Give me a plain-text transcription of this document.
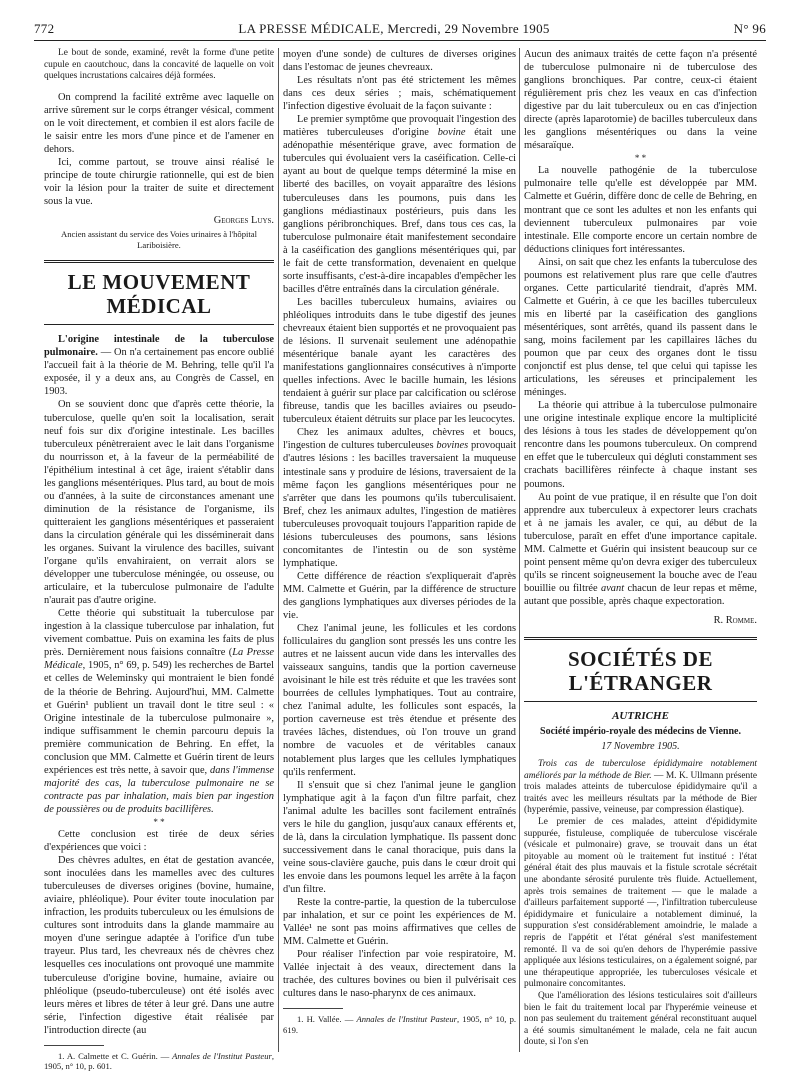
772	LA PRESSE MÉDICALE, Mercredi, 29 Novembre 1905	N° 96

Le bout de sonde, examiné, revêt la forme d'une petite cupule en caoutchouc, dans la concavité de laquelle on voit quelques incrustations calcaires déjà formées.

On comprend la facilité extrême avec laquelle on arrive sûrement sur le corps étranger vésical, comment on le voit directement, et combien il est alors facile de le saisir entre les mors d'une pince et de l'amener en dehors.

Ici, comme partout, se trouve ainsi réalisé le principe de toute chirurgie rationnelle, qui est de bien voir la lésion pour la traiter de suite et directement sous la vue.

Georges Luys.
Ancien assistant du service des Voies urinaires à l'hôpital Lariboisière.
LE MOUVEMENT MÉDICAL

L'origine intestinale de la tuberculose pulmonaire. — On n'a certainement pas encore oublié l'accueil fait à la théorie de M. Behring, telle qu'il l'a exposée, il y a deux ans, au Congrès de Cassel, en 1903.

On se souvient donc que d'après cette théorie, la tuberculose, quelle qu'en soit la localisation, serait neuf fois sur dix d'origine intestinale. Les bacilles tuberculeux pénètreraient avec le lait dans l'organisme du nourrisson et, à la faveur de la perméabilité de l'épithélium intestinal à cet âge, iraient s'établir dans les ganglions mésentériques. Plus tard, au bout de mois ou d'années, à la suite de circonstances amenant une diminution de la résistance de l'organisme, ils quitteraient les ganglions mésentériques et passeraient dans la circulation générale qui les disséminerait dans les organes. Suivant la virulence des bacilles, suivant l'organe qu'ils envahiraient, on verrait alors se développer une tuberculose méningée, ou osseuse, ou articulaire, et la tuberculose pulmonaire de l'adulte n'aurait pas d'autre origine.

Cette théorie qui substituait la tuberculose par ingestion à la classique tuberculose par inhalation, fut vivement combattue. Puis on examina les faits de plus près. Dernièrement nous faisions connaître (La Presse Médicale, 1905, n° 69, p. 549) les recherches de Bartel et celles de Weleminsky qui montraient le bien fondé de la théorie de Behring. Aujourd'hui, MM. Calmette et Guérin¹ publient un travail dont le titre seul : « Origine intestinale de la tuberculose pulmonaire », indique suffisamment le chemin parcouru depuis la première communication de Behring. En effet, la conclusion que MM. Calmette et Guérin tirent de leurs expériences est très nette, à savoir que, dans l'immense majorité des cas, la tuberculose pulmonaire ne se contracte pas par inhalation, mais bien par ingestion de poussières ou de produits bacillifères.

* *

Cette conclusion est tirée de deux séries d'expériences que voici :

Des chèvres adultes, en état de gestation avancée, sont inoculées dans les mamelles avec des cultures tuberculeuses de diverses origines (bovine, humaine, aviaire, phléolique). Pour éviter toute inoculation par infraction, les produits tuberculeux ou les émulsions de cultures sont introduits dans la glande mammaire au moyen d'une seringue adaptée à l'orifice d'un tube trayeur. Plus tard, les chevreaux nés de chèvres chez lesquelles ces inoculations ont provoqué une mammite tuberculeuse d'origine bovine, humaine, aviaire ou phléolique (pseudo-tuberculeuse) ont été isolés avec leurs mères et libres de téter à leur gré. Dans une autre série, l'infection digestive était réalisée par l'introduction directe (au

1. A. Calmette et C. Guérin. — Annales de l'Institut Pasteur, 1905, n° 10, p. 601.

moyen d'une sonde) de cultures de diverses origines dans l'estomac de jeunes chevreaux.

Les résultats n'ont pas été strictement les mêmes dans ces deux séries ; mais, schématiquement l'infection digestive évoluait de la façon suivante :

Le premier symptôme que provoquait l'ingestion des matières tuberculeuses d'origine bovine était une adénopathie mésentérique grave, avec formation de tubercules qui évoluaient vers la caséification. Celle-ci ayant au bout de quelque temps déterminé la mise en liberté des bacilles, on voyait apparaître des lésions tuberculeuses dans les poumons, puis dans les ganglions médiastinaux postérieurs, puis dans les ganglions péribronchiques. Bref, dans tous ces cas, la tuberculose pulmonaire était manifestement secondaire à la caséification des ganglions mésentériques qui, par le fait de cette transformation, devenaient en quelque sorte insuffisants, c'est-à-dire incapables d'empêcher les bacilles d'être entraînés dans la circulation générale.

Les bacilles tuberculeux humains, aviaires ou phléoliques introduits dans le tube digestif des jeunes chevreaux étaient bien supportés et ne provoquaient pas de lésions. Il survenait seulement une adénopathie mésentérique banale ayant les caractères des manifestations ganglionnaires consécutives à n'importe quelles infections. Avec le bacille humain, les lésions tendaient à guérir sur place par calcification ou sclérose fibreuse, tandis que les bacilles aviaires ou pseudo-tuberculeux étaient détruits sur place par les leucocytes.

Chez les animaux adultes, chèvres et boucs, l'ingestion de cultures tuberculeuses bovines provoquait d'autres lésions : les bacilles traversaient la muqueuse intestinale sans y produire de lésions, traversaient de la même façon les ganglions mésentériques pour ne s'arrêter que dans les poumons qu'ils tuberculisaient. Bref, chez les animaux adultes, l'ingestion de matières tuberculeuses provoquait toujours l'apparition rapide de lésions tuberculeuses des poumons, sans lésions concomitantes de l'intestin ou de son système lymphatique.

Cette différence de réaction s'expliquerait d'après MM. Calmette et Guérin, par la différence de structure des ganglions lymphatiques aux diverses périodes de la vie.

Chez l'animal jeune, les follicules et les cordons folliculaires du ganglion sont pressés les uns contre les autres et ne laissent aucun vide dans les intervalles des vaisseaux sanguins, tandis que la portion caverneuse avoisinant le hile est très réduite et que les travées sont bourrées de cellules lymphatiques. Tout au contraire, chez l'animal adulte, les follicules sont espacés, la portion caverneuse est très étendue et présente des travées lâches, distendues, où l'on trouve un grand nombre de vacuoles et de véritables canaux notablement plus larges que les cellules lymphatiques qu'ils renferment.

Il s'ensuit que si chez l'animal jeune le ganglion lymphatique agit à la façon d'un filtre parfait, chez l'animal adulte les bacilles sont facilement entraînés vers le hile du ganglion, jusqu'aux canaux efférents et, de là, dans la circulation lymphatique. Ils passent donc successivement dans le canal thoracique, puis dans la veine sous-clavière gauche, puis dans le cœur droit qui les envoie dans les poumons lequel les arrête à la façon d'un filtre.

Reste la contre-partie, la question de la tuberculose par inhalation, et sur ce point les expériences de M. Vallée¹ ne sont pas moins affirmatives que celles de MM. Calmette et Guérin.

Pour réaliser l'infection par voie respiratoire, M. Vallée injectait à des veaux, directement dans la trachée, des cultures bovines ou bien il pulvérisait ces cultures dans le naso-pharynx de ces animaux.

1. H. Vallée. — Annales de l'Institut Pasteur, 1905, n° 10, p. 619.

Aucun des animaux traités de cette façon n'a présenté de tuberculose pulmonaire ni de tuberculose des ganglions bronchiques. Par contre, ceux-ci étaient régulièrement pris chez les veaux en cas d'infection digestive par du lait tuberculeux ou en cas d'injection directe (après laparotomie) de bacilles tuberculeux dans les ganglions mésentériques ou dans la veine mésaraïque.

* *

La nouvelle pathogénie de la tuberculose pulmonaire telle qu'elle est développée par MM. Calmette et Guérin, diffère donc de celle de Behring, en montrant que ce sont les adultes et non les enfants qui deviennent tuberculeux pulmonaires par voie intestinale. Elle comporte encore un certain nombre de déductions cliniques fort intéressantes.

Ainsi, on sait que chez les enfants la tuberculose des poumons est relativement plus rare que celle d'autres organes. Cette particularité tiendrait, d'après MM. Calmette et Guérin, à ce que les bacilles tuberculeux mis en liberté par la caséification des ganglions mésentériques, sont arrêtés, quand ils passent dans le sang, moins facilement par les capillaires lâches du poumon que par ceux des organes dont le tissu conjonctif est plus dense, tel que celui qui tapisse les articulations, les séreuses et principalement les méninges.

La théorie qui attribue à la tuberculose pulmonaire une origine intestinale explique encore la multiplicité des lésions à tous les stades de développement qu'on rencontre dans les poumons tuberculeux. On comprend en effet que le tuberculeux qui dégluti constamment ses crachats bacillifères réinfecte à chaque instant ses poumons.

Au point de vue pratique, il en résulte que l'on doit apprendre aux tuberculeux à expectorer leurs crachats et à ne jamais les avaler, ce qui, au début de la tuberculose, paraît en effet d'une importance capitale. MM. Calmette et Guérin qui insistent beaucoup sur ce point pensent même qu'on devra exiger des tuberculeux qu'ils se rincent soigneusement la bouche avec de l'eau bouillie ou filtrée avant chacun de leur repas et même, autant que possible, après chaque expectoration.

R. Romme.
SOCIÉTÉS DE L'ÉTRANGER
AUTRICHE
Société império-royale des médecins de Vienne.
17 Novembre 1905.

Trois cas de tuberculose épididymaire notablement améliorés par la méthode de Bier. — M. K. Ullmann présente trois malades atteints de tuberculose épididymaire qu'il a traités avec les meilleurs résultats par la méthode de Bier (hyperémie, passive, veineuse, par compression élastique).

Le premier de ces malades, atteint d'épididymite suppurée, fistuleuse, compliquée de tuberculose viscérale (vésicale et pulmonaire) grave, se trouvait dans un état pitoyable au moment où le traitement fut institué : l'état général était des plus mauvais et la fistule scrotale sécrétait une abondante sérosité purulente très fluide. Actuellement, après trois semaines de traitement — que le malade a d'ailleurs parfaitement supporté —, l'infiltration tuberculeuse épididymaire et funiculaire a notablement diminué, la suppuration s'est considérablement amoindrie, le malade a repris de l'appétit et l'état général s'est manifestement remonté. Il va de soi qu'en dehors de l'hyperémie passive appliquée aux lésions testiculaires, on a également soigné, par une thérapeutique appropriée, les tuberculoses vésicale et pulmonaire concomitantes.

Que l'amélioration des lésions testiculaires soit d'ailleurs bien le fait du traitement local par l'hyperémie veineuse et non pas seulement du traitement général reconstituant auquel a été soumis simultanément le malade, cela ne fait aucun doute, si l'on s'en
